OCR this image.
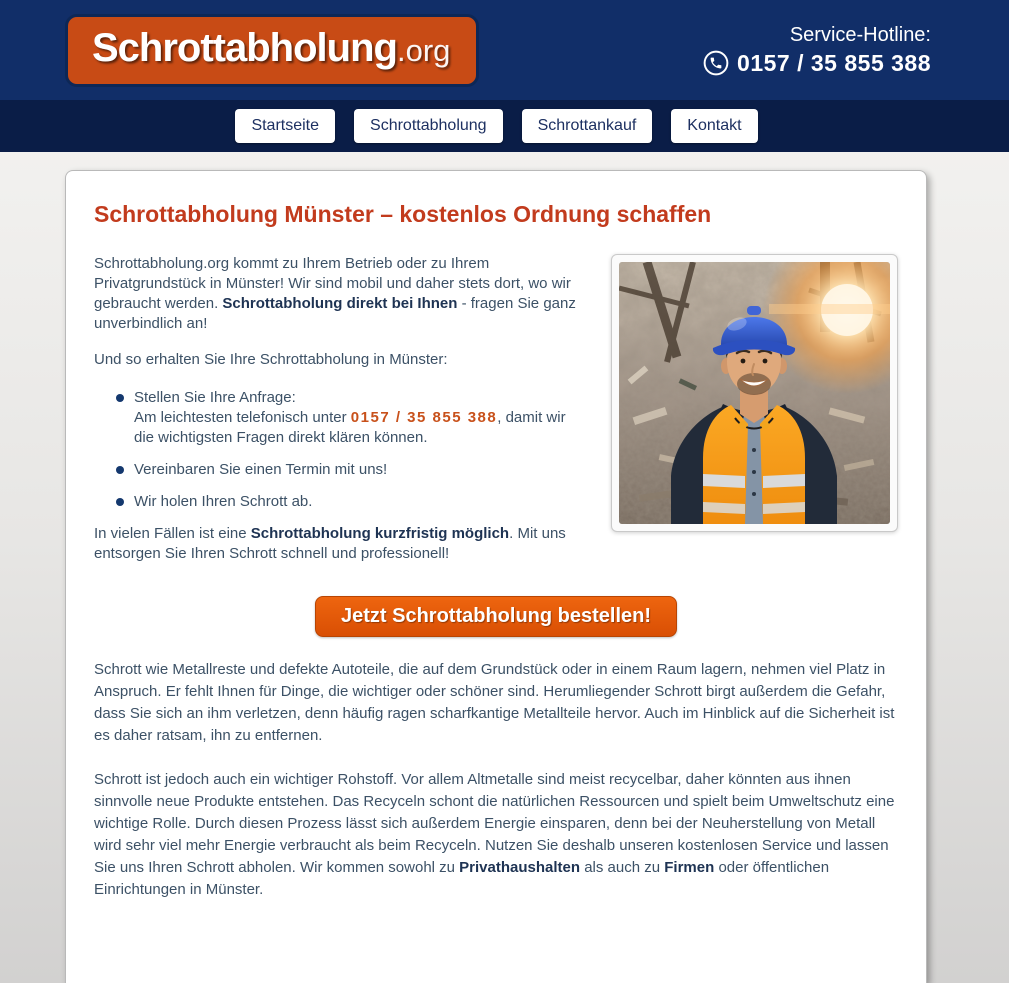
Schrottabholung.org	Service-Hotline:
0157 / 35 855 388
Startseite	Schrottabholung	Schrottankauf	Kontakt
Schrottabholung Münster – kostenlos Ordnung schaffen

Schrottabholung.org kommt zu Ihrem Betrieb oder zu Ihrem Privatgrundstück in Münster! Wir sind mobil und daher stets dort, wo wir gebraucht werden. Schrottabholung direkt bei Ihnen - fragen Sie ganz unverbindlich an!

Und so erhalten Sie Ihre Schrottabholung in Münster:

Stellen Sie Ihre Anfrage:
Am leichtesten telefonisch unter 0157 / 35 855 388, damit wir die wichtigsten Fragen direkt klären können.
Vereinbaren Sie einen Termin mit uns!
Wir holen Ihren Schrott ab.

In vielen Fällen ist eine Schrottabholung kurzfristig möglich. Mit uns entsorgen Sie Ihren Schrott schnell und professionell!

Jetzt Schrottabholung bestellen!

Schrott wie Metallreste und defekte Autoteile, die auf dem Grundstück oder in einem Raum lagern, nehmen viel Platz in Anspruch. Er fehlt Ihnen für Dinge, die wichtiger oder schöner sind. Herumliegender Schrott birgt außerdem die Gefahr, dass Sie sich an ihm verletzen, denn häufig ragen scharfkantige Metallteile hervor. Auch im Hinblick auf die Sicherheit ist es daher ratsam, ihn zu entfernen.

Schrott ist jedoch auch ein wichtiger Rohstoff. Vor allem Altmetalle sind meist recycelbar, daher könnten aus ihnen sinnvolle neue Produkte entstehen. Das Recyceln schont die natürlichen Ressourcen und spielt beim Umweltschutz eine wichtige Rolle. Durch diesen Prozess lässt sich außerdem Energie einsparen, denn bei der Neuherstellung von Metall wird sehr viel mehr Energie verbraucht als beim Recyceln. Nutzen Sie deshalb unseren kostenlosen Service und lassen Sie uns Ihren Schrott abholen. Wir kommen sowohl zu Privathaushalten als auch zu Firmen oder öffentlichen Einrichtungen in Münster.
